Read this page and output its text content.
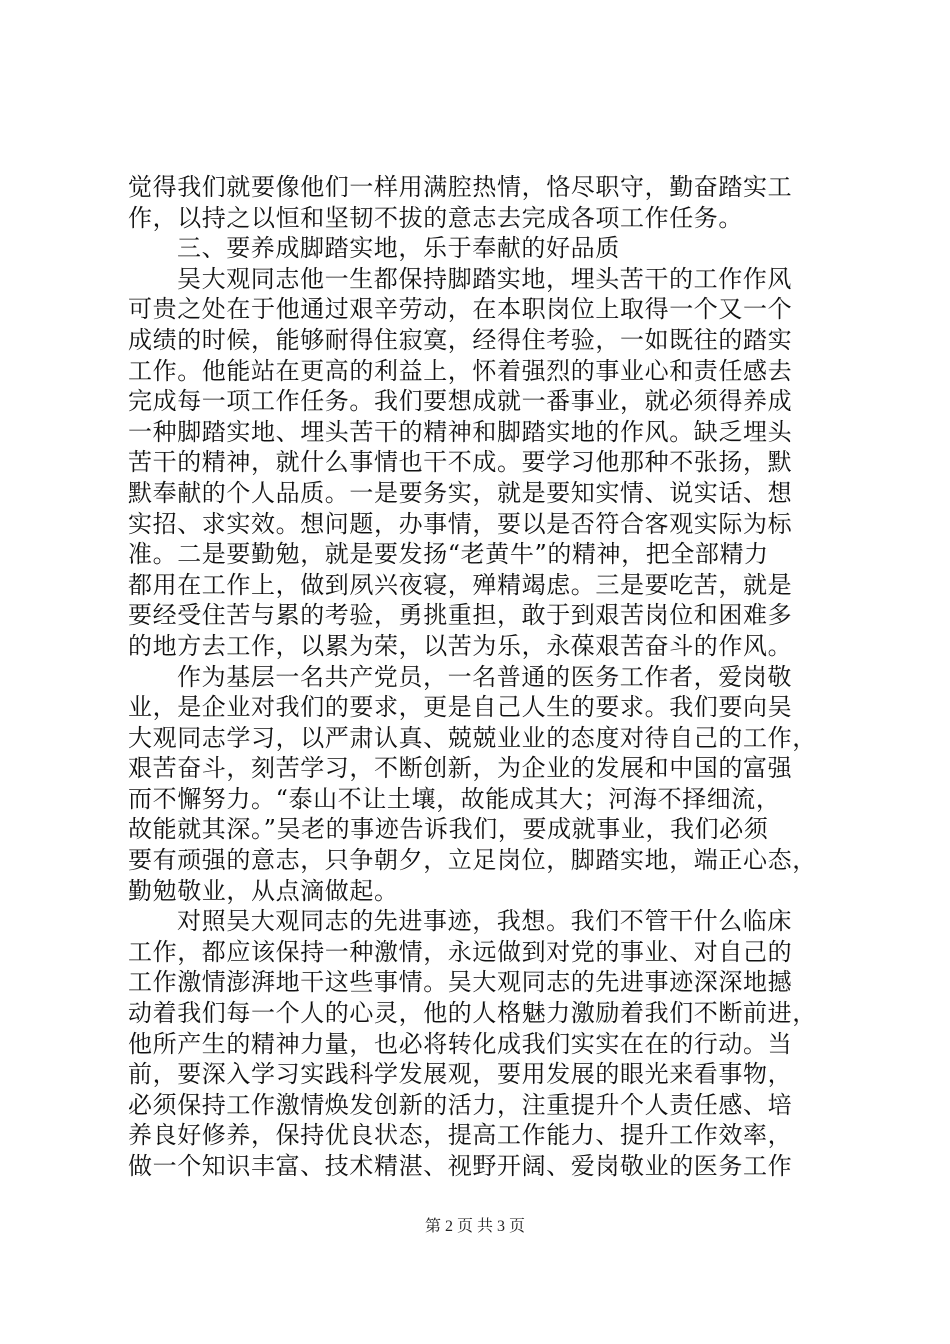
觉得我们就要像他们一样用满腔热情，恪尽职守，勤奋踏实工
作，以持之以恒和坚韧不拔的意志去完成各项工作任务。
三、要养成脚踏实地，乐于奉献的好品质
吴大观同志他一生都保持脚踏实地，埋头苦干的工作作风
可贵之处在于他通过艰辛劳动，在本职岗位上取得一个又一个
成绩的时候，能够耐得住寂寞，经得住考验，一如既往的踏实
工作。他能站在更高的利益上，怀着强烈的事业心和责任感去
完成每一项工作任务。我们要想成就一番事业，就必须得养成
一种脚踏实地、埋头苦干的精神和脚踏实地的作风。缺乏埋头
苦干的精神，就什么事情也干不成。要学习他那种不张扬，默
默奉献的个人品质。一是要务实，就是要知实情、说实话、想
实招、求实效。想问题，办事情，要以是否符合客观实际为标
准。二是要勤勉，就是要发扬“老黄牛”的精神，把全部精力
都用在工作上，做到夙兴夜寝，殚精竭虑。三是要吃苦，就是
要经受住苦与累的考验，勇挑重担，敢于到艰苦岗位和困难多
的地方去工作，以累为荣，以苦为乐，永葆艰苦奋斗的作风。
作为基层一名共产党员，一名普通的医务工作者，爱岗敬
业，是企业对我们的要求，更是自己人生的要求。我们要向吴
大观同志学习，以严肃认真、兢兢业业的态度对待自己的工作，
艰苦奋斗，刻苦学习，不断创新，为企业的发展和中国的富强
而不懈努力。“泰山不让土壤，故能成其大；河海不择细流，
故能就其深。”吴老的事迹告诉我们，要成就事业，我们必须
要有顽强的意志，只争朝夕，立足岗位，脚踏实地，端正心态，
勤勉敬业，从点滴做起。
对照吴大观同志的先进事迹，我想。我们不管干什么临床
工作，都应该保持一种激情，永远做到对党的事业、对自己的
工作激情澎湃地干这些事情。吴大观同志的先进事迹深深地撼
动着我们每一个人的心灵，他的人格魅力激励着我们不断前进，
他所产生的精神力量，也必将转化成我们实实在在的行动。当
前，要深入学习实践科学发展观，要用发展的眼光来看事物，
必须保持工作激情焕发创新的活力，注重提升个人责任感、培
养良好修养，保持优良状态，提高工作能力、提升工作效率，
做一个知识丰富、技术精湛、视野开阔、爱岗敬业的医务工作
第 2 页 共 3 页
